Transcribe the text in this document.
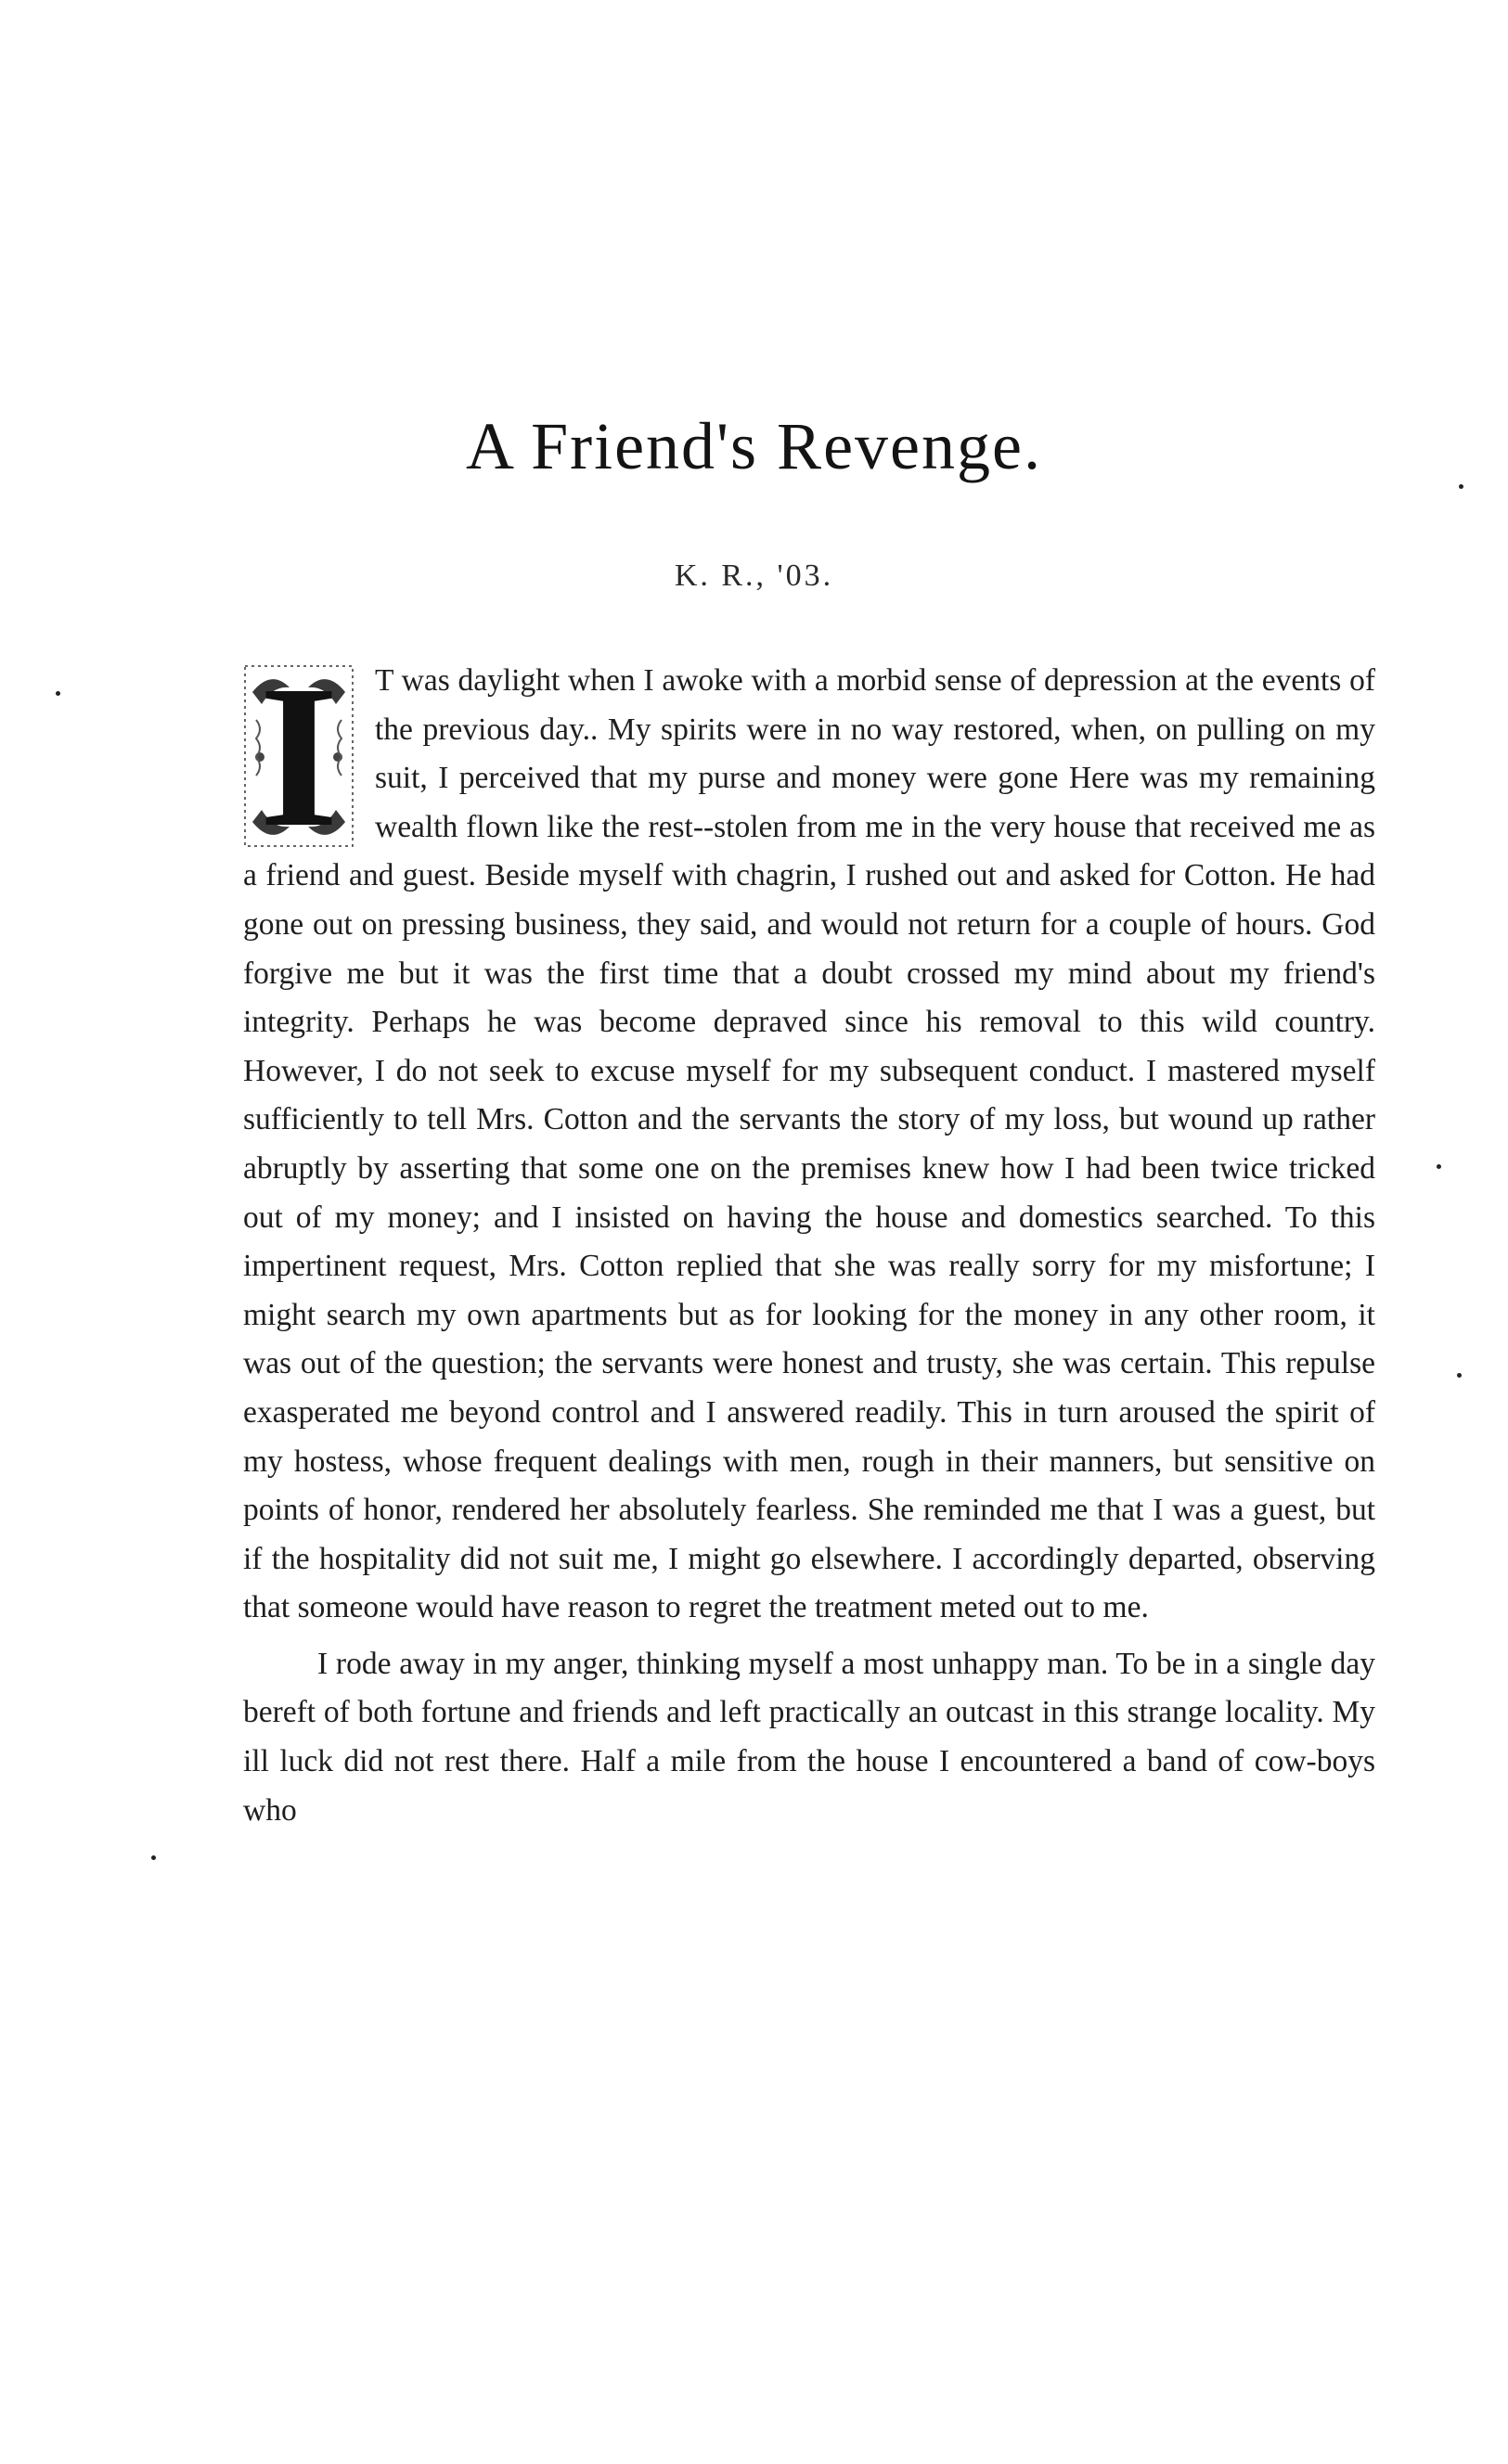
A Friend's Revenge.
K. R., '03.

I	T was daylight when I awoke with a morbid sense of depression at the events of the previous day.. My spirits were in no way restored, when, on pulling on my suit, I perceived that my purse and money were gone Here was my remaining wealth flown like the rest--stolen from me in the very house that received me as a friend and guest. Beside myself with chagrin, I rushed out and asked for Cotton. He had gone out on pressing business, they said, and would not return for a couple of hours. God forgive me but it was the first time that a doubt crossed my mind about my friend's integrity. Perhaps he was become depraved since his removal to this wild country. However, I do not seek to excuse myself for my subsequent conduct. I mastered myself sufficiently to tell Mrs. Cotton and the servants the story of my loss, but wound up rather abruptly by asserting that some one on the premises knew how I had been twice tricked out of my money; and I insisted on having the house and domestics searched. To this impertinent request, Mrs. Cotton replied that she was really sorry for my misfortune; I might search my own apartments but as for looking for the money in any other room, it was out of the question; the servants were honest and trusty, she was certain. This repulse exasperated me beyond control and I answered readily. This in turn aroused the spirit of my hostess, whose frequent dealings with men, rough in their manners, but sensitive on points of honor, rendered her absolutely fearless. She reminded me that I was a guest, but if the hospitality did not suit me, I might go elsewhere. I accordingly departed, observing that someone would have reason to regret the treatment meted out to me.

I rode away in my anger, thinking myself a most unhappy man. To be in a single day bereft of both fortune and friends and left practically an outcast in this strange locality. My ill luck did not rest there. Half a mile from the house I encountered a band of cow-boys who
